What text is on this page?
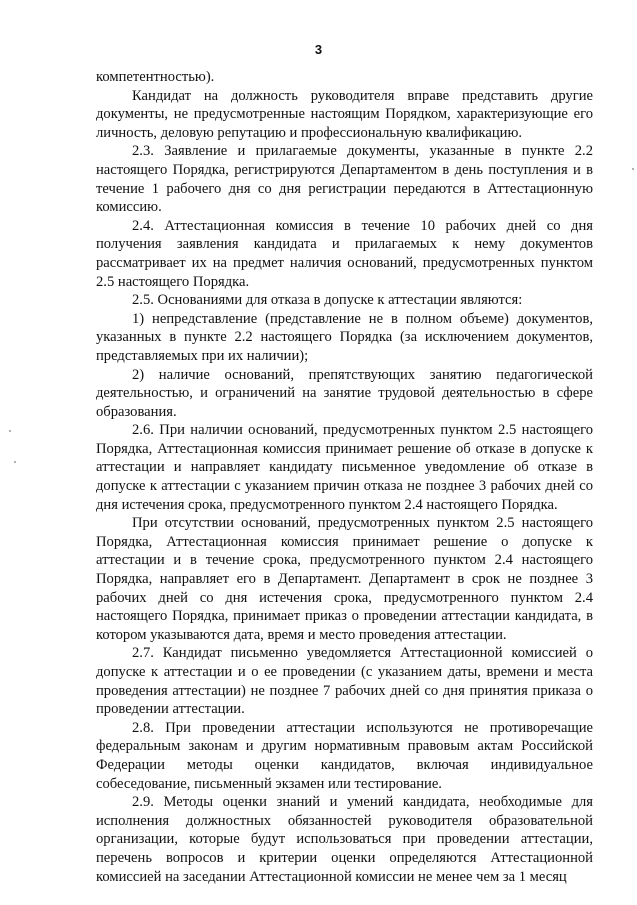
3

компетентностью).

Кандидат на должность руководителя вправе представить другие документы, не предусмотренные настоящим Порядком, характеризующие его личность, деловую репутацию и профессиональную квалификацию.

2.3. Заявление и прилагаемые документы, указанные в пункте 2.2 настоящего Порядка, регистрируются Департаментом в день поступления и в течение 1 рабочего дня со дня регистрации передаются в Аттестационную комиссию.

2.4. Аттестационная комиссия в течение 10 рабочих дней со дня получения заявления кандидата и прилагаемых к нему документов рассматривает их на предмет наличия оснований, предусмотренных пунктом 2.5 настоящего Порядка.

2.5. Основаниями для отказа в допуске к аттестации являются:

1) непредставление (представление не в полном объеме) документов, указанных в пункте 2.2 настоящего Порядка (за исключением документов, представляемых при их наличии);

2) наличие оснований, препятствующих занятию педагогической деятельностью, и ограничений на занятие трудовой деятельностью в сфере образования.

2.6. При наличии оснований, предусмотренных пунктом 2.5 настоящего Порядка, Аттестационная комиссия принимает решение об отказе в допуске к аттестации и направляет кандидату письменное уведомление об отказе в допуске к аттестации с указанием причин отказа не позднее 3 рабочих дней со дня истечения срока, предусмотренного пунктом 2.4 настоящего Порядка.

При отсутствии оснований, предусмотренных пунктом 2.5 настоящего Порядка, Аттестационная комиссия принимает решение о допуске к аттестации и в течение срока, предусмотренного пунктом 2.4 настоящего Порядка, направляет его в Департамент. Департамент в срок не позднее 3 рабочих дней со дня истечения срока, предусмотренного пунктом 2.4 настоящего Порядка, принимает приказ о проведении аттестации кандидата, в котором указываются дата, время и место проведения аттестации.

2.7. Кандидат письменно уведомляется Аттестационной комиссией о допуске к аттестации и о ее проведении (с указанием даты, времени и места проведения аттестации) не позднее 7 рабочих дней со дня принятия приказа о проведении аттестации.

2.8. При проведении аттестации используются не противоречащие федеральным законам и другим нормативным правовым актам Российской Федерации методы оценки кандидатов, включая индивидуальное собеседование, письменный экзамен или тестирование.

2.9. Методы оценки знаний и умений кандидата, необходимые для исполнения должностных обязанностей руководителя образовательной организации, которые будут использоваться при проведении аттестации, перечень вопросов и критерии оценки определяются Аттестационной комиссией на заседании Аттестационной комиссии не менее чем за 1 месяц
